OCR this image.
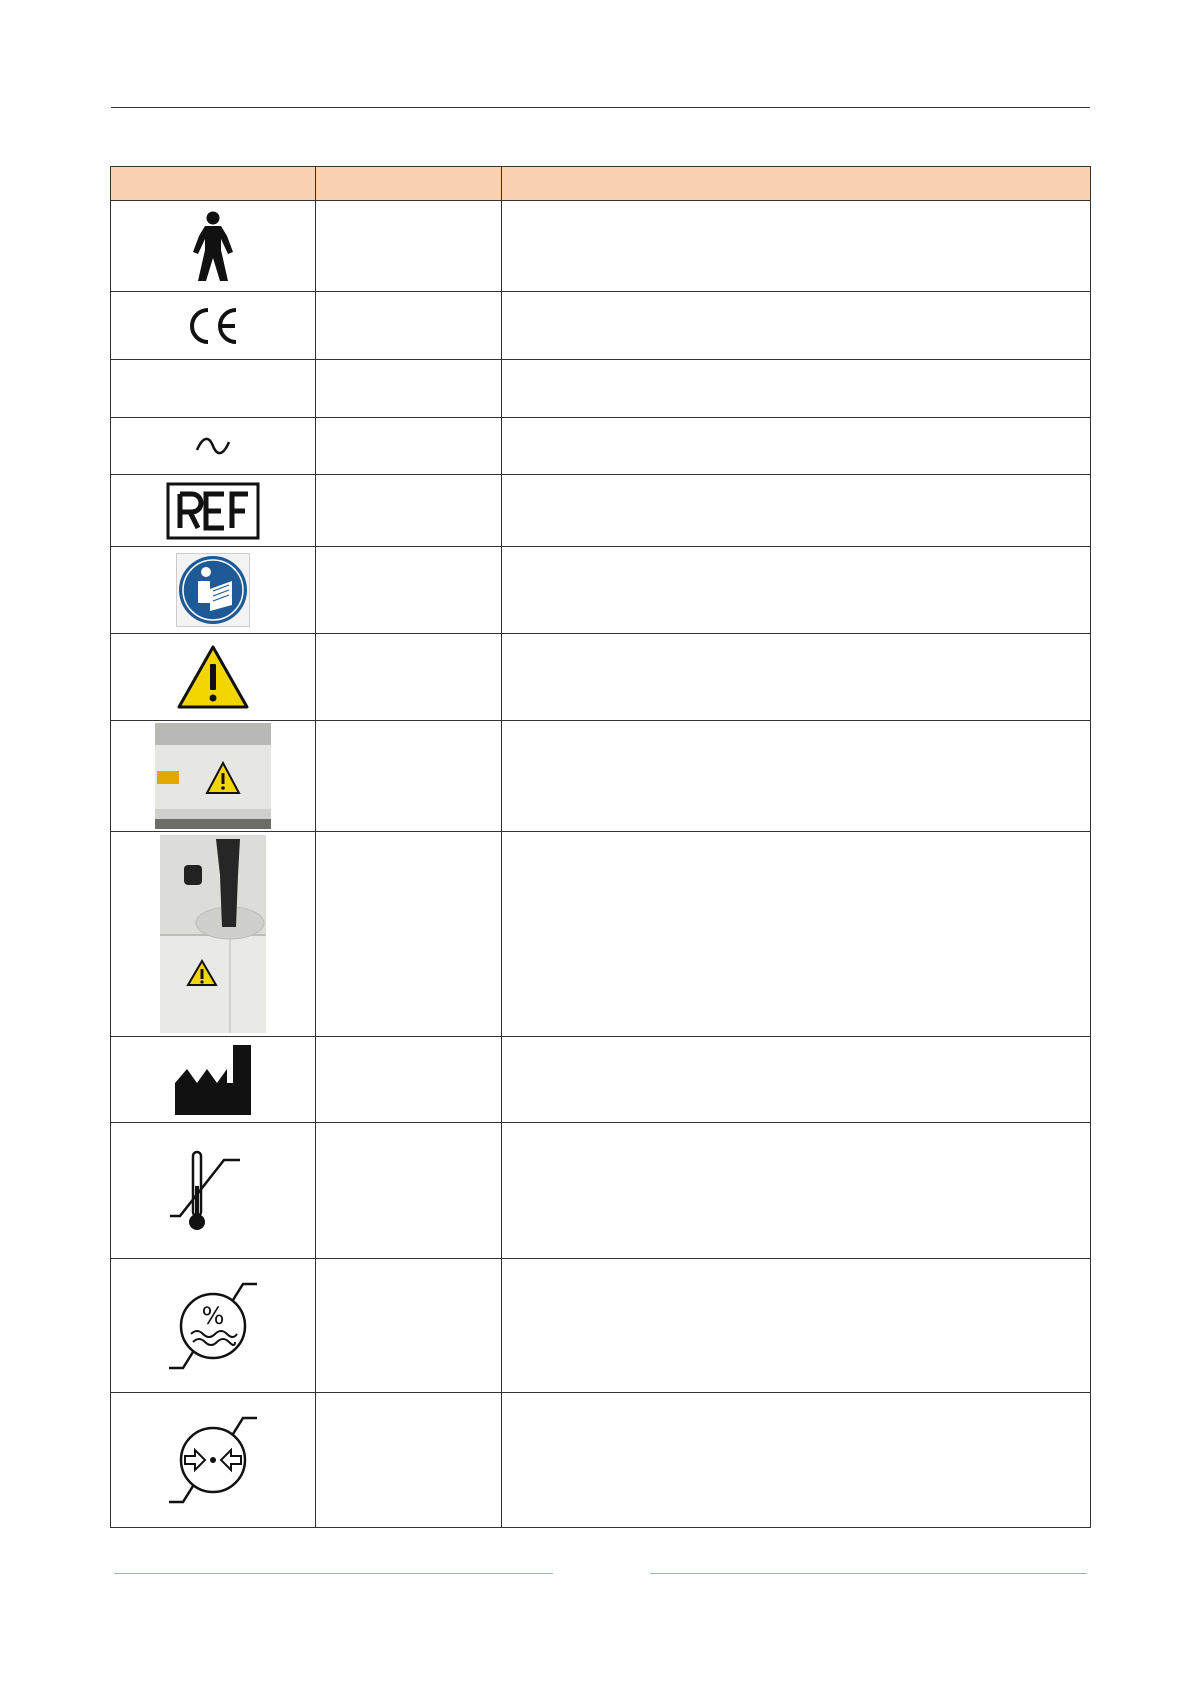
%		
